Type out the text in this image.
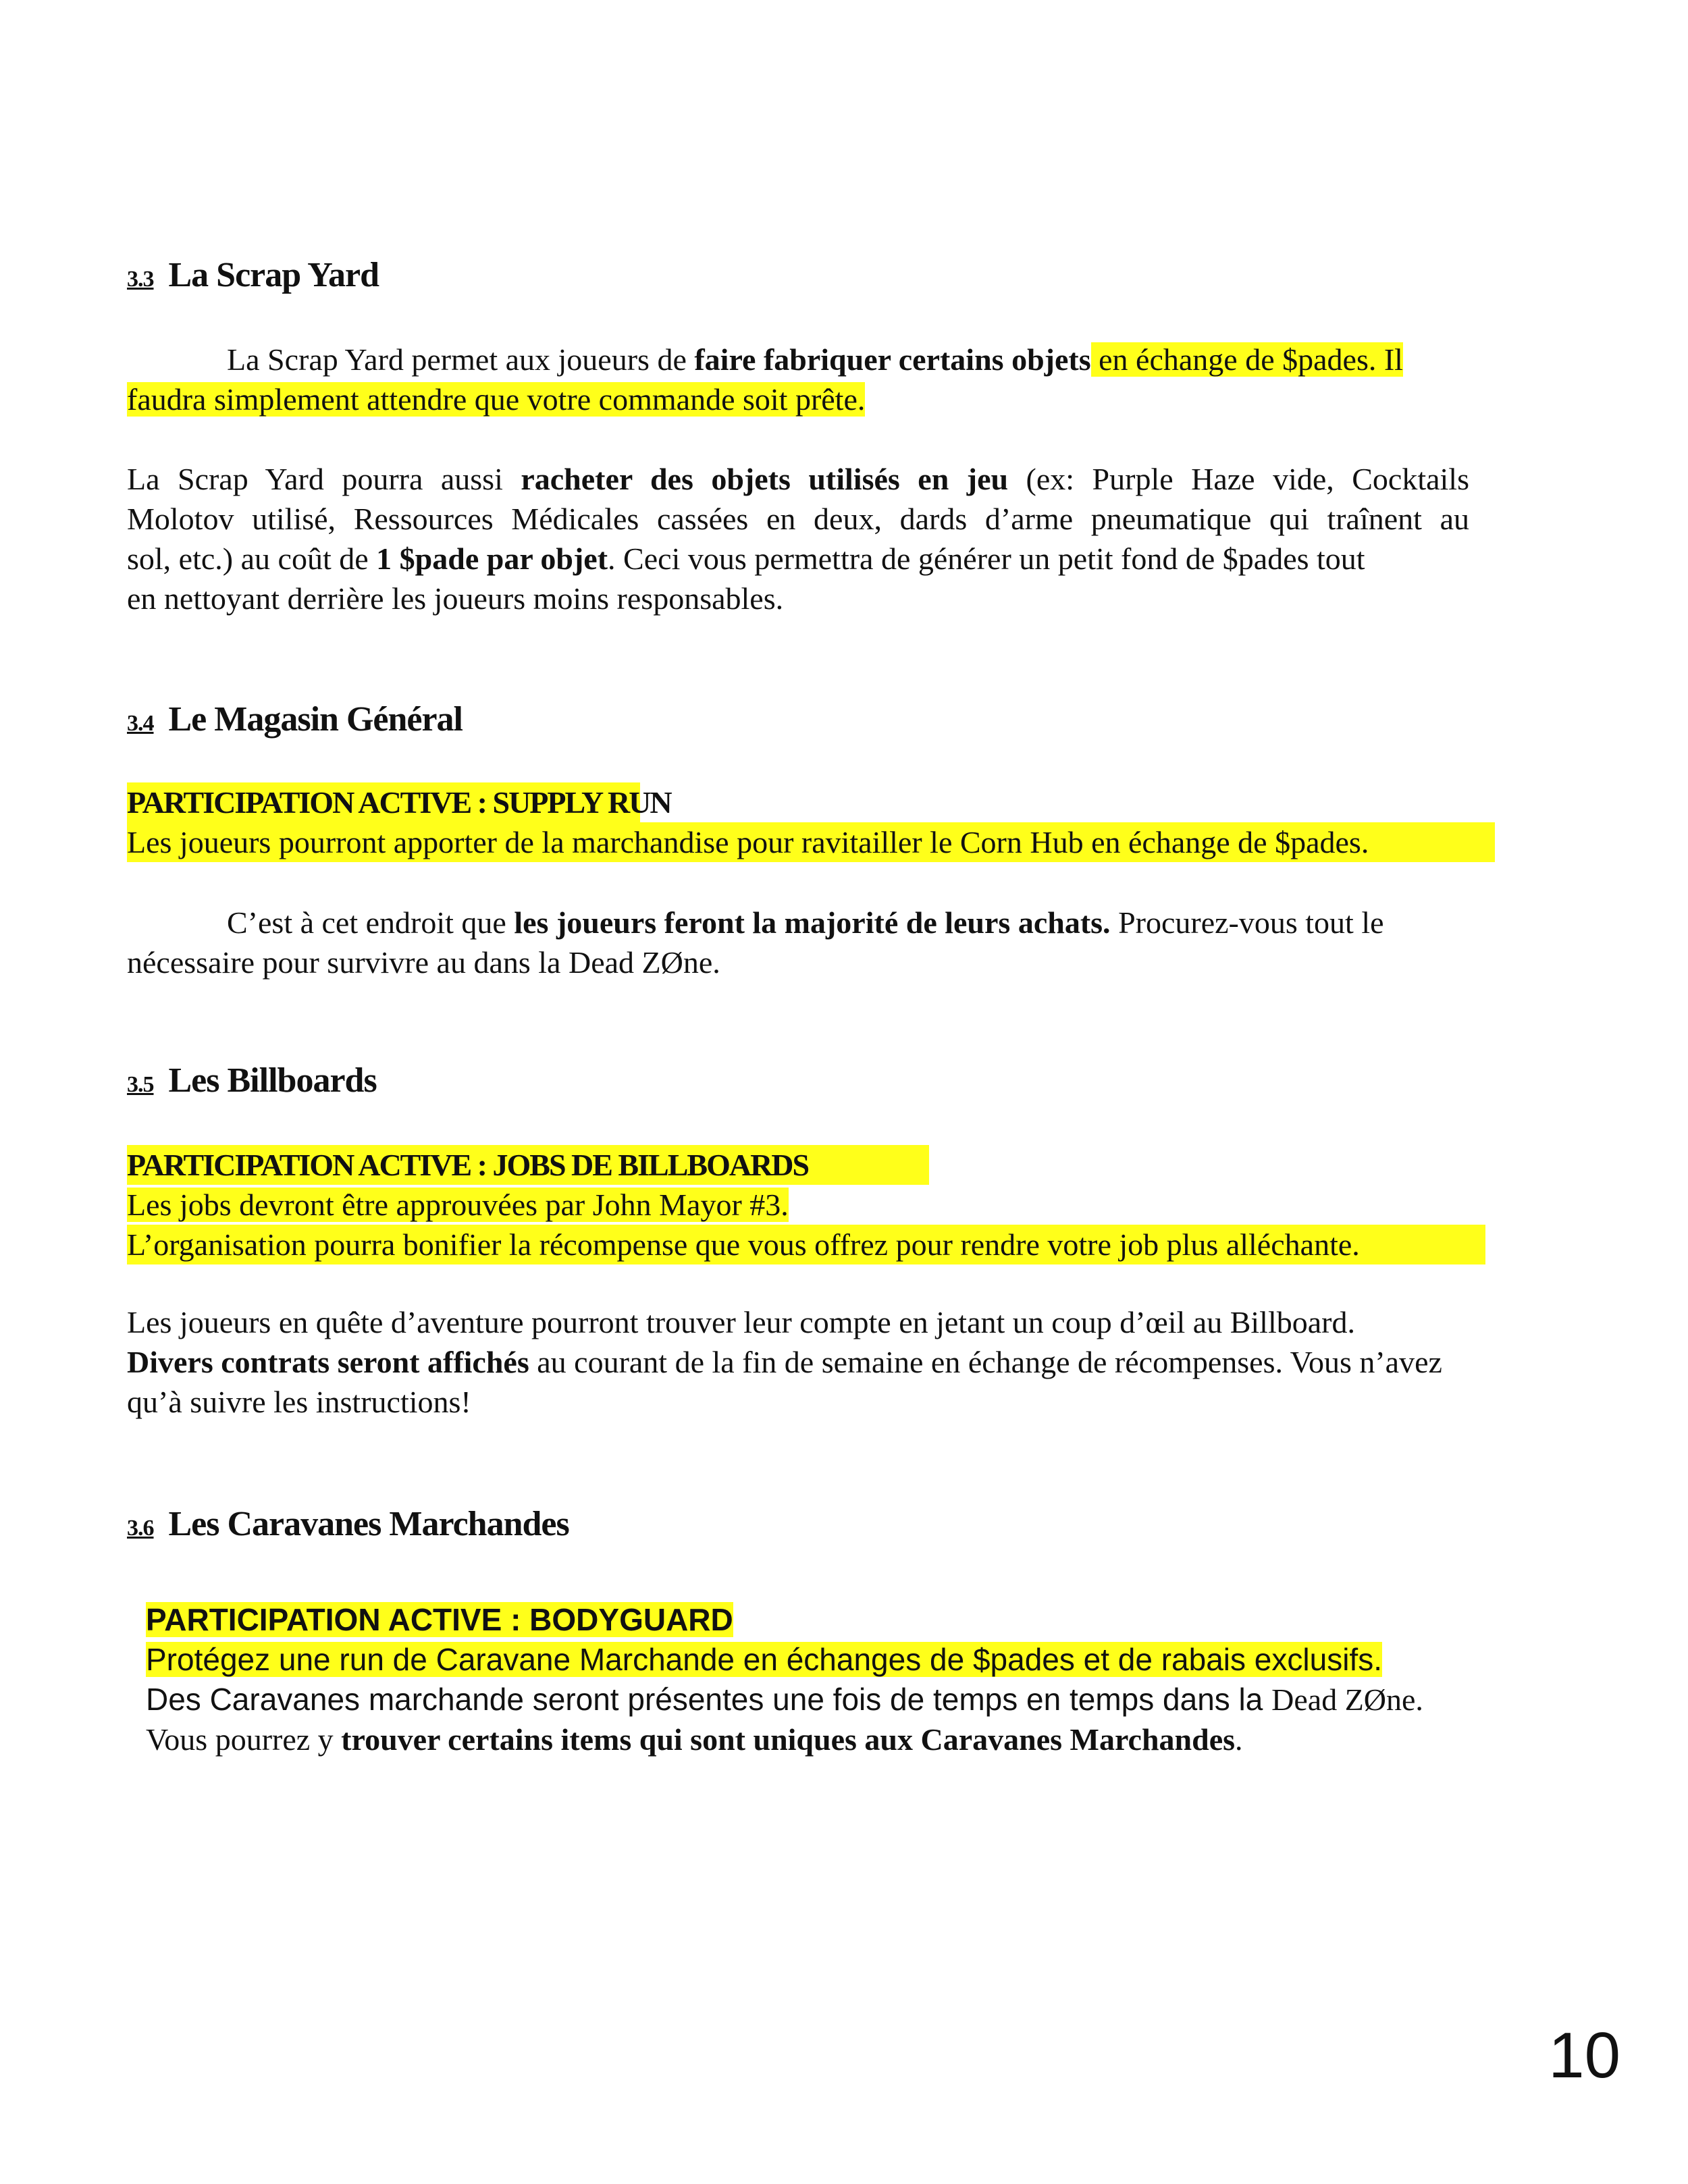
3.3 La Scrap Yard
La Scrap Yard permet aux joueurs de faire fabriquer certains objets en échange de $pades. Il
faudra simplement attendre que votre commande soit prête.
La Scrap Yard pourra aussi racheter des objets utilisés en jeu (ex: Purple Haze vide, Cocktails
Molotov utilisé, Ressources Médicales cassées en deux, dards d’arme pneumatique qui traînent au
sol, etc.) au coût de 1 $pade par objet. Ceci vous permettra de générer un petit fond de $pades tout
en nettoyant derrière les joueurs moins responsables.
3.4 Le Magasin Général
PARTICIPATION ACTIVE : SUPPLY RUN
Les joueurs pourront apporter de la marchandise pour ravitailler le Corn Hub en échange de $pades.
C’est à cet endroit que les joueurs feront la majorité de leurs achats. Procurez-vous tout le
nécessaire pour survivre au dans la Dead ZØne.
3.5 Les Billboards
PARTICIPATION ACTIVE : JOBS DE BILLBOARDS
Les jobs devront être approuvées par John Mayor #3.
L’organisation pourra bonifier la récompense que vous offrez pour rendre votre job plus alléchante.
Les joueurs en quête d’aventure pourront trouver leur compte en jetant un coup d’œil au Billboard.
Divers contrats seront affichés au courant de la fin de semaine en échange de récompenses. Vous n’avez
qu’à suivre les instructions!
3.6 Les Caravanes Marchandes
PARTICIPATION ACTIVE : BODYGUARD
Protégez une run de Caravane Marchande en échanges de $pades et de rabais exclusifs.
Des Caravanes marchande seront présentes une fois de temps en temps dans la Dead ZØne.
Vous pourrez y trouver certains items qui sont uniques aux Caravanes Marchandes.

10
